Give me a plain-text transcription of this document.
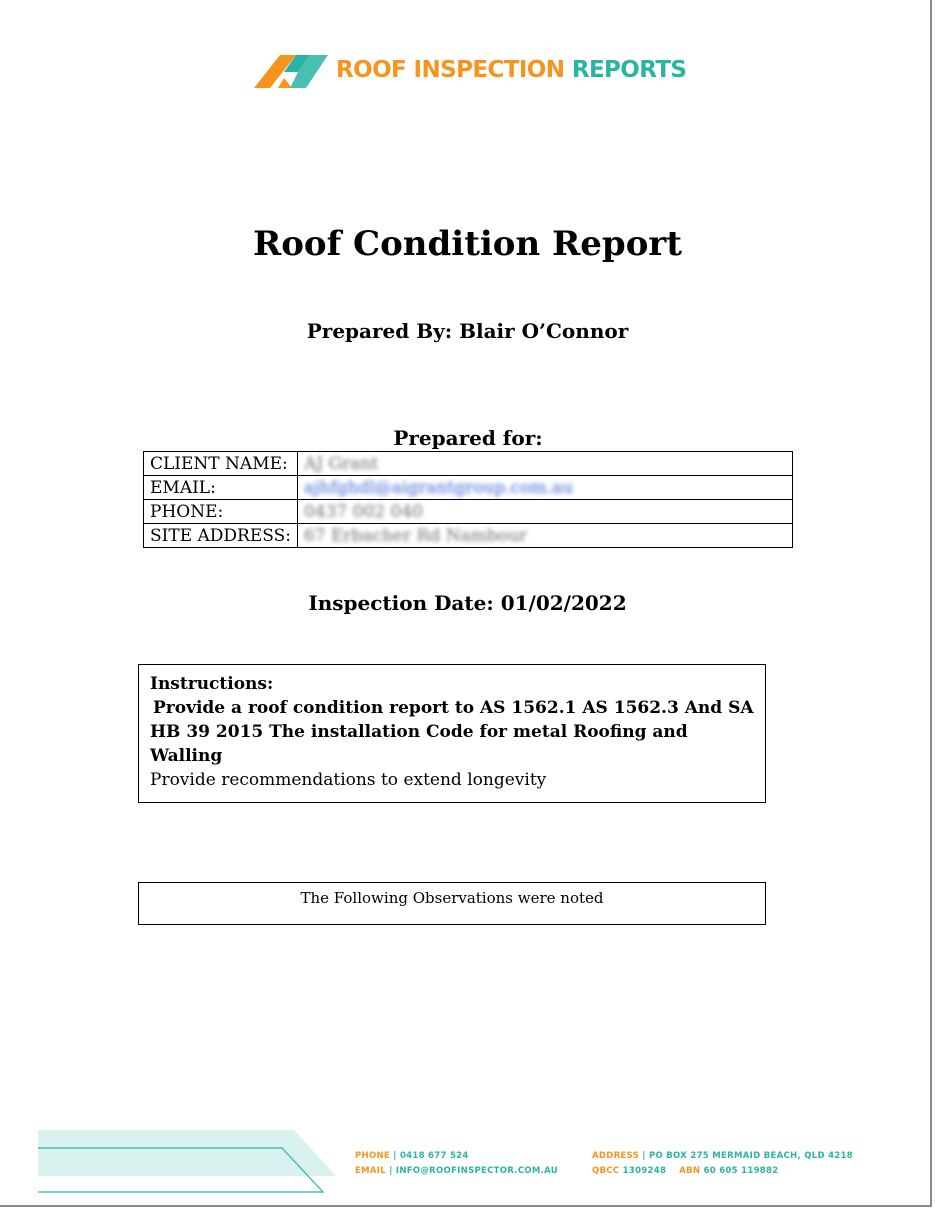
ROOF INSPECTION REPORTS
Roof Condition Report
Prepared By: Blair O’Connor
Prepared for:
CLIENT NAME:	AJ Grant
EMAIL:	ajhfghdl@aigrantgroup.com.au
PHONE:	0437 002 040
SITE ADDRESS:	67 Erbacher Rd Nambour
Inspection Date: 01/02/2022
Instructions:
Provide a roof condition report to AS 1562.1 AS 1562.3 And SA
HB 39 2015 The installation Code for metal Roofing and Walling
Provide recommendations to extend longevity
The Following Observations were noted
PHONE | 0418 677 524
EMAIL | INFO@ROOFINSPECTOR.COM.AU
ADDRESS | PO BOX 275 MERMAID BEACH, QLD 4218
QBCC 1309248 ABN 60 605 119882
